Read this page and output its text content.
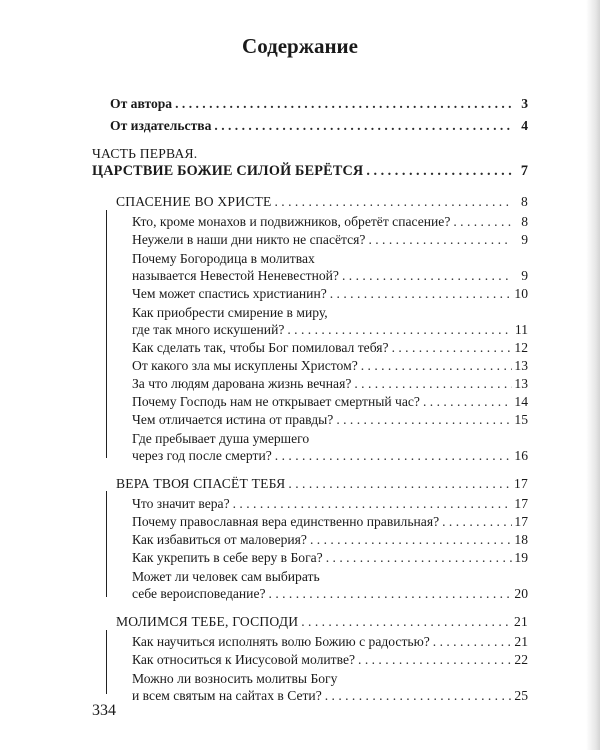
Содержание
От автора . . .	3
От издательства . . .	4
ЧАСТЬ ПЕРВАЯ.
ЦАРСТВИЕ БОЖИЕ СИЛОЙ БЕРЁТСЯ . . .	7
СПАСЕНИЕ ВО ХРИСТЕ . . .	8
Кто, кроме монахов и подвижников, обретёт спасение? . . .	8
Неужели в наши дни никто не спасётся? . . .	9
Почему Богородица в молитвах
называется Невестой Неневестной? . . .	9
Чем может спастись христианин? . . .	10
Как приобрести смирение в миру,
где так много искушений? . . .	11
Как сделать так, чтобы Бог помиловал тебя? . . .	12
От какого зла мы искуплены Христом? . . .	13
За что людям дарована жизнь вечная? . . .	13
Почему Господь нам не открывает смертный час? . . .	14
Чем отличается истина от правды? . . .	15
Где пребывает душа умершего
через год после смерти? . . .	16
ВЕРА ТВОЯ СПАСЁТ ТЕБЯ . . .	17
Что значит вера? . . .	17
Почему православная вера единственно правильная? . . .	17
Как избавиться от маловерия? . . .	18
Как укрепить в себе веру в Бога? . . .	19
Может ли человек сам выбирать
себе вероисповедание? . . .	20
МОЛИМСЯ ТЕБЕ, ГОСПОДИ . . .	21
Как научиться исполнять волю Божию с радостью? . . .	21
Как относиться к Иисусовой молитве? . . .	22
Можно ли возносить молитвы Богу
и всем святым на сайтах в Сети? . . .	25
334
